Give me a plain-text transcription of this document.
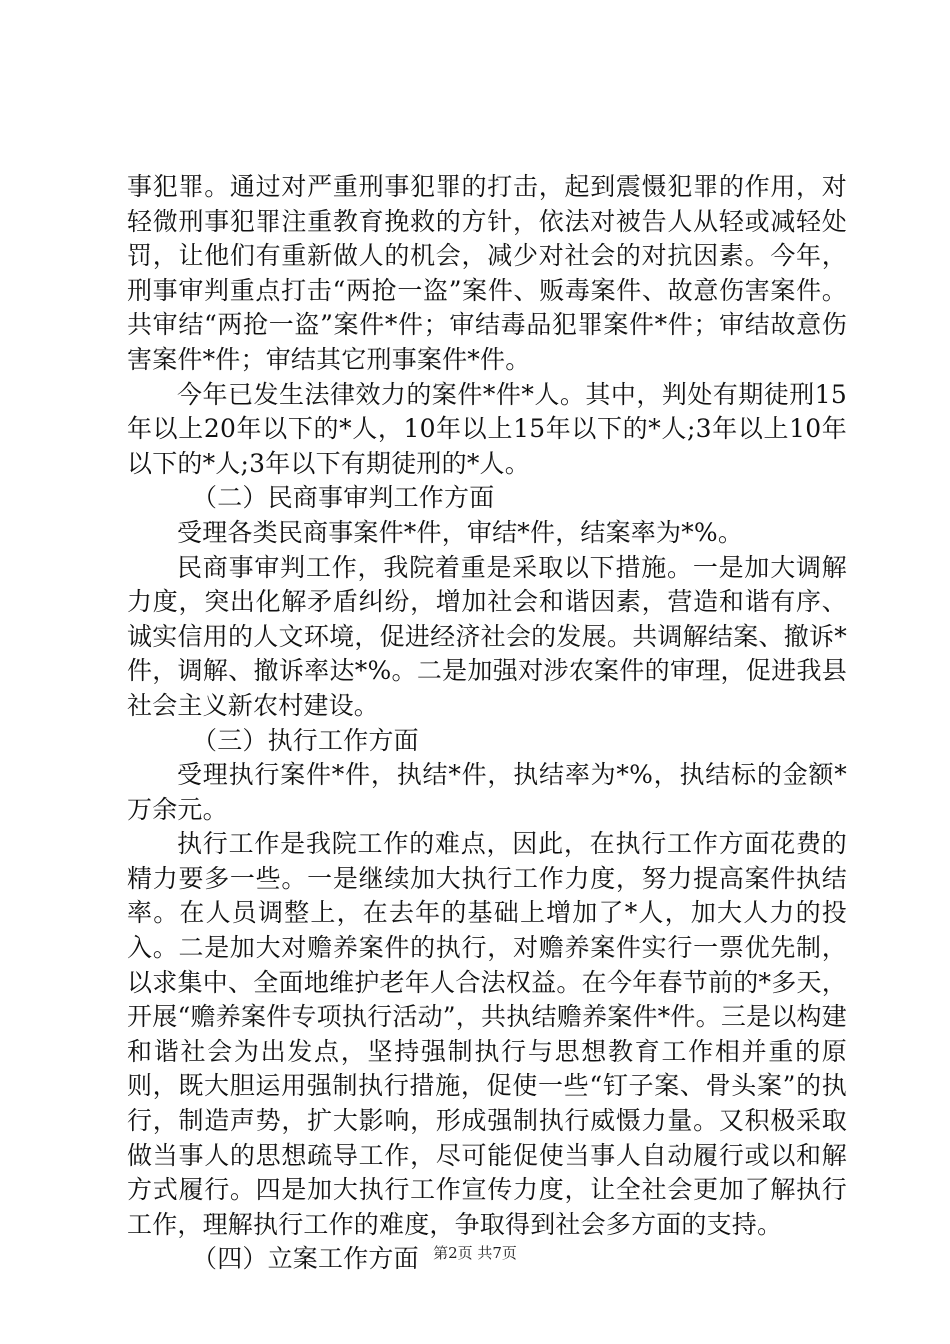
事犯罪。通过对严重刑事犯罪的打击，起到震慑犯罪的作用，对轻微刑事犯罪注重教育挽救的方针，依法对被告人从轻或减轻处罚，让他们有重新做人的机会，减少对社会的对抗因素。今年，刑事审判重点打击“两抢一盗”案件、贩毒案件、故意伤害案件。共审结“两抢一盗”案件*件；审结毒品犯罪案件*件；审结故意伤害案件*件；审结其它刑事案件*件。

今年已发生法律效力的案件*件*人。其中，判处有期徒刑15年以上20年以下的*人，10年以上15年以下的*人;3年以上10年以下的*人;3年以下有期徒刑的*人。

（二）民商事审判工作方面

受理各类民商事案件*件，审结*件，结案率为*%。

民商事审判工作，我院着重是采取以下措施。一是加大调解力度，突出化解矛盾纠纷，增加社会和谐因素，营造和谐有序、诚实信用的人文环境，促进经济社会的发展。共调解结案、撤诉*件，调解、撤诉率达*%。二是加强对涉农案件的审理，促进我县社会主义新农村建设。

（三）执行工作方面

受理执行案件*件，执结*件，执结率为*%，执结标的金额*万余元。

执行工作是我院工作的难点，因此，在执行工作方面花费的精力要多一些。一是继续加大执行工作力度，努力提高案件执结率。在人员调整上，在去年的基础上增加了*人，加大人力的投入。二是加大对赡养案件的执行，对赡养案件实行一票优先制，以求集中、全面地维护老年人合法权益。在今年春节前的*多天，开展“赡养案件专项执行活动”，共执结赡养案件*件。三是以构建和谐社会为出发点，坚持强制执行与思想教育工作相并重的原则，既大胆运用强制执行措施，促使一些“钉子案、骨头案”的执行，制造声势，扩大影响，形成强制执行威慑力量。又积极采取做当事人的思想疏导工作，尽可能促使当事人自动履行或以和解方式履行。四是加大执行工作宣传力度，让全社会更加了解执行工作，理解执行工作的难度，争取得到社会多方面的支持。

（四）立案工作方面 第2页 共7页
